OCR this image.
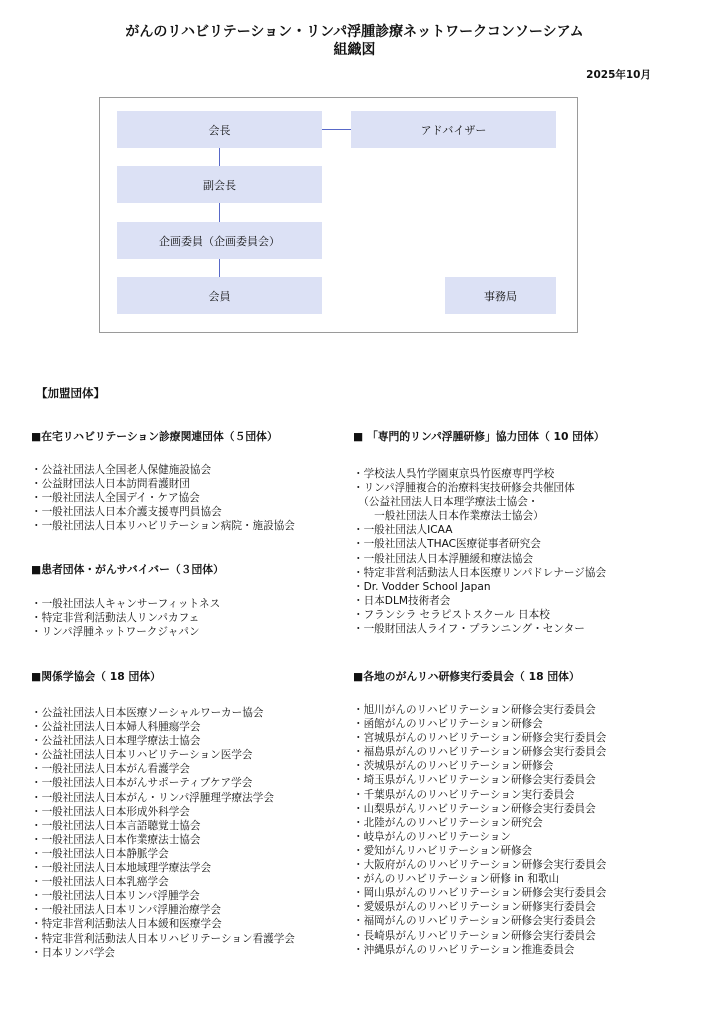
がんのリハビリテーション・リンパ浮腫診療ネットワークコンソーシアム
組織図
2025年10月
会長	アドバイザー
副会長
企画委員（企画委員会）
会員	事務局
【加盟団体】
■在宅リハビリテーション診療関連団体（５団体）
・公益社団法人全国老人保健施設協会
・公益財団法人日本訪問看護財団
・一般社団法人全国デイ・ケア協会
・一般社団法人日本介護支援専門員協会
・一般社団法人日本リハビリテーション病院・施設協会
■患者団体・がんサバイバー（３団体）
・一般社団法人キャンサーフィットネス
・特定非営利活動法人リンパカフェ
・リンパ浮腫ネットワークジャパン
■関係学協会（ 18 団体）
・公益社団法人日本医療ソーシャルワーカー協会
・公益社団法人日本婦人科腫瘍学会
・公益社団法人日本理学療法士協会
・公益社団法人日本リハビリテーション医学会
・一般社団法人日本がん看護学会
・一般社団法人日本がんサポーティブケア学会
・一般社団法人日本がん・リンパ浮腫理学療法学会
・一般社団法人日本形成外科学会
・一般社団法人日本言語聴覚士協会
・一般社団法人日本作業療法士協会
・一般社団法人日本静脈学会
・一般社団法人日本地域理学療法学会
・一般社団法人日本乳癌学会
・一般社団法人日本リンパ浮腫学会
・一般社団法人日本リンパ浮腫治療学会
・特定非営利活動法人日本緩和医療学会
・特定非営利活動法人日本リハビリテーション看護学会
・日本リンパ学会
■ 「専門的リンパ浮腫研修」協力団体（ 10 団体）
・学校法人呉竹学園東京呉竹医療専門学校
・リンパ浮腫複合的治療料実技研修会共催団体
　（公益社団法人日本理学療法士協会・
　　一般社団法人日本作業療法士協会）
・一般社団法人ICAA
・一般社団法人THAC医療従事者研究会
・一般社団法人日本浮腫緩和療法協会
・特定非営利活動法人日本医療リンパドレナージ協会
・Dr. Vodder School Japan
・日本DLM技術者会
・フランシラ セラピストスクール 日本校
・一般財団法人ライフ・プランニング・センター
■各地のがんリハ研修実行委員会（ 18 団体）
・旭川がんのリハビリテーション研修会実行委員会
・函館がんのリハビリテーション研修会
・宮城県がんのリハビリテーション研修会実行委員会
・福島県がんのリハビリテーション研修会実行委員会
・茨城県がんのリハビリテーション研修会
・埼玉県がんリハビリテーション研修会実行委員会
・千葉県がんのリハビリテーション実行委員会
・山梨県がんリハビリテーション研修会実行委員会
・北陸がんのリハビリテーション研究会
・岐阜がんのリハビリテーション
・愛知がんリハビリテーション研修会
・大阪府がんのリハビリテーション研修会実行委員会
・がんのリハビリテーション研修 in 和歌山
・岡山県がんのリハビリテーション研修会実行委員会
・愛媛県がんのリハビリテーション研修実行委員会
・福岡がんのリハビリテーション研修会実行委員会
・長崎県がんリハビリテーション研修会実行委員会
・沖縄県がんのリハビリテーション推進委員会
